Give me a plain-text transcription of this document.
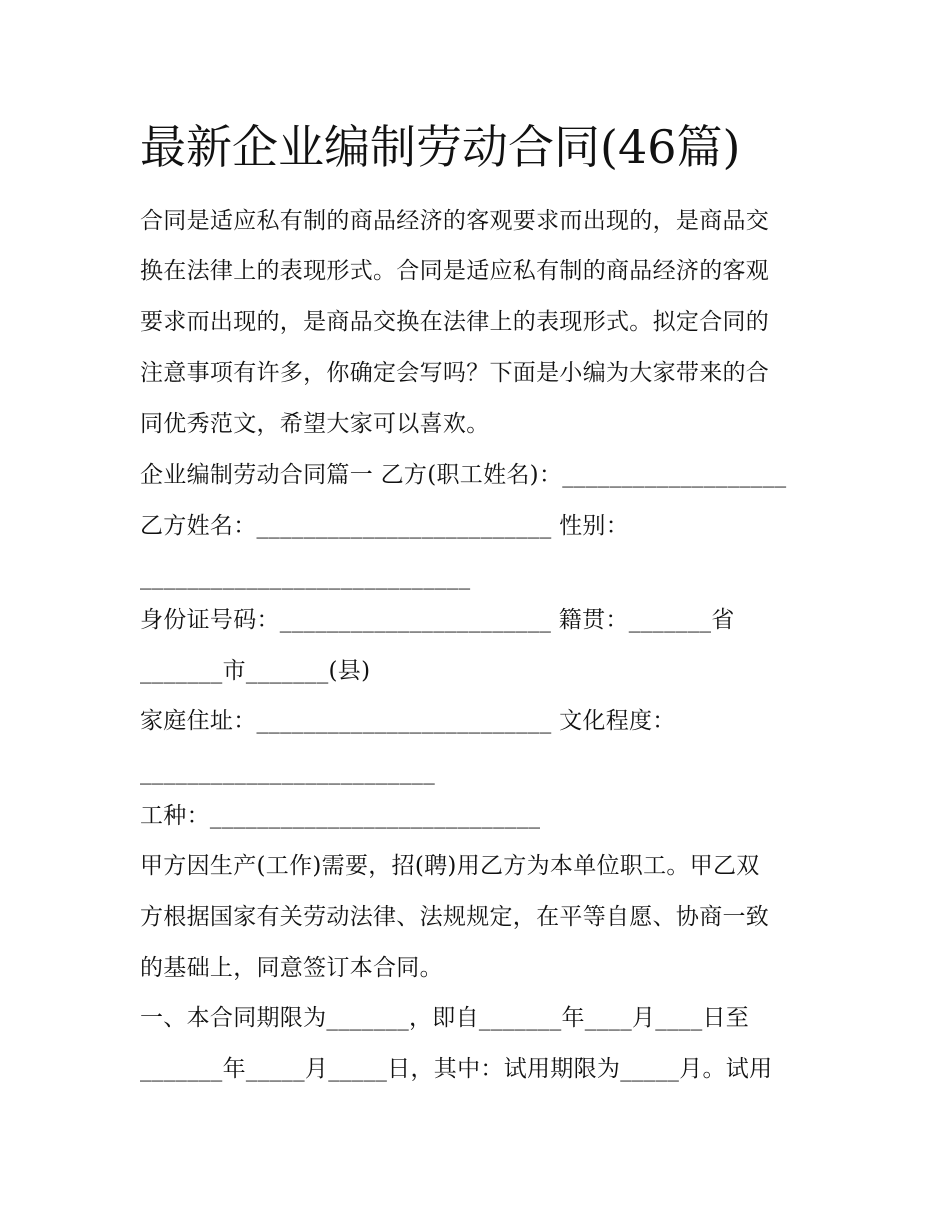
最新企业编制劳动合同(46篇)

合同是适应私有制的商品经济的客观要求而出现的，是商品交

换在法律上的表现形式。合同是适应私有制的商品经济的客观

要求而出现的，是商品交换在法律上的表现形式。拟定合同的

注意事项有许多，你确定会写吗？下面是小编为大家带来的合

同优秀范文，希望大家可以喜欢。

企业编制劳动合同篇一 乙方(职工姓名)：___________________

乙方姓名：_________________________ 性别：

____________________________

身份证号码：_______________________ 籍贯：_______省

_______市_______(县)

家庭住址：_________________________ 文化程度：

_________________________

工种：____________________________

甲方因生产(工作)需要，招(聘)用乙方为本单位职工。甲乙双

方根据国家有关劳动法律、法规规定，在平等自愿、协商一致

的基础上，同意签订本合同。

一、本合同期限为_______，即自_______年____月____日至

_______年_____月_____日，其中：试用期限为_____月。试用
